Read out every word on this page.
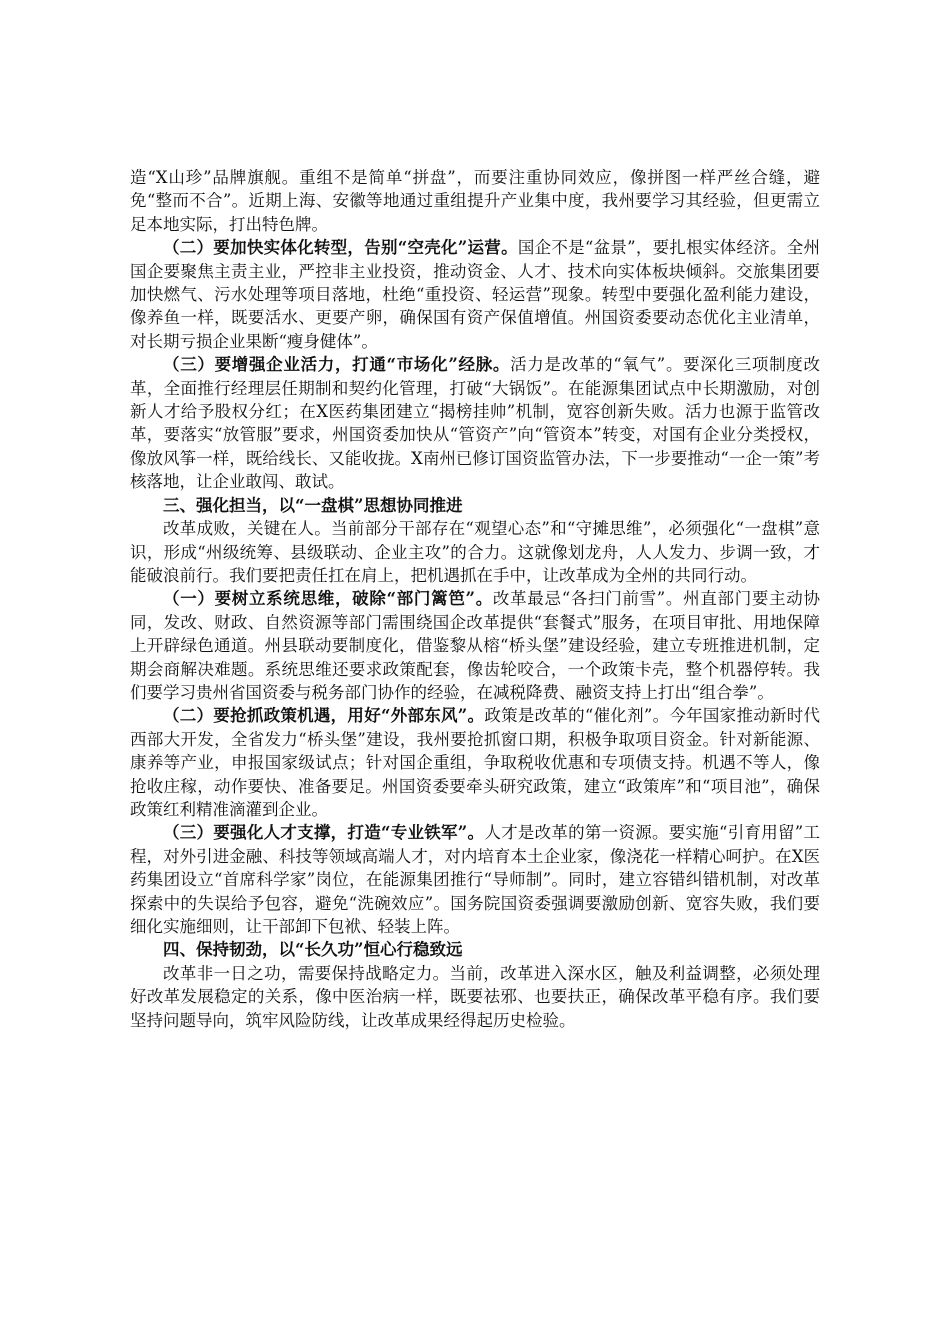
造“X山珍”品牌旗舰。重组不是简单“拼盘”，而要注重协同效应，像拼图一样严丝合缝，避免“整而不合”。近期上海、安徽等地通过重组提升产业集中度，我州要学习其经验，但更需立足本地实际，打出特色牌。

（二）要加快实体化转型，告别“空壳化”运营。国企不是“盆景”，要扎根实体经济。全州国企要聚焦主责主业，严控非主业投资，推动资金、人才、技术向实体板块倾斜。交旅集团要加快燃气、污水处理等项目落地，杜绝“重投资、轻运营”现象。转型中要强化盈利能力建设，像养鱼一样，既要活水、更要产卵，确保国有资产保值增值。州国资委要动态优化主业清单，对长期亏损企业果断“瘦身健体”。

（三）要增强企业活力，打通“市场化”经脉。活力是改革的“氧气”。要深化三项制度改革，全面推行经理层任期制和契约化管理，打破“大锅饭”。在能源集团试点中长期激励，对创新人才给予股权分红；在X医药集团建立“揭榜挂帅”机制，宽容创新失败。活力也源于监管改革，要落实“放管服”要求，州国资委加快从“管资产”向“管资本”转变，对国有企业分类授权，像放风筝一样，既给线长、又能收拢。X南州已修订国资监管办法，下一步要推动“一企一策”考核落地，让企业敢闯、敢试。

三、强化担当，以“一盘棋”思想协同推进

改革成败，关键在人。当前部分干部存在“观望心态”和“守摊思维”，必须强化“一盘棋”意识，形成“州级统筹、县级联动、企业主攻”的合力。这就像划龙舟，人人发力、步调一致，才能破浪前行。我们要把责任扛在肩上，把机遇抓在手中，让改革成为全州的共同行动。

（一）要树立系统思维，破除“部门篱笆”。改革最忌“各扫门前雪”。州直部门要主动协同，发改、财政、自然资源等部门需围绕国企改革提供“套餐式”服务，在项目审批、用地保障上开辟绿色通道。州县联动要制度化，借鉴黎从榕“桥头堡”建设经验，建立专班推进机制，定期会商解决难题。系统思维还要求政策配套，像齿轮咬合，一个政策卡壳，整个机器停转。我们要学习贵州省国资委与税务部门协作的经验，在减税降费、融资支持上打出“组合拳”。

（二）要抢抓政策机遇，用好“外部东风”。政策是改革的“催化剂”。今年国家推动新时代西部大开发，全省发力“桥头堡”建设，我州要抢抓窗口期，积极争取项目资金。针对新能源、康养等产业，申报国家级试点；针对国企重组，争取税收优惠和专项债支持。机遇不等人，像抢收庄稼，动作要快、准备要足。州国资委要牵头研究政策，建立“政策库”和“项目池”，确保政策红利精准滴灌到企业。

（三）要强化人才支撑，打造“专业铁军”。人才是改革的第一资源。要实施“引育用留”工程，对外引进金融、科技等领域高端人才，对内培育本土企业家，像浇花一样精心呵护。在X医药集团设立“首席科学家”岗位，在能源集团推行“导师制”。同时，建立容错纠错机制，对改革探索中的失误给予包容，避免“洗碗效应”。国务院国资委强调要激励创新、宽容失败，我们要细化实施细则，让干部卸下包袱、轻装上阵。

四、保持韧劲，以“长久功”恒心行稳致远

改革非一日之功，需要保持战略定力。当前，改革进入深水区，触及利益调整，必须处理好改革发展稳定的关系，像中医治病一样，既要祛邪、也要扶正，确保改革平稳有序。我们要坚持问题导向，筑牢风险防线，让改革成果经得起历史检验。
